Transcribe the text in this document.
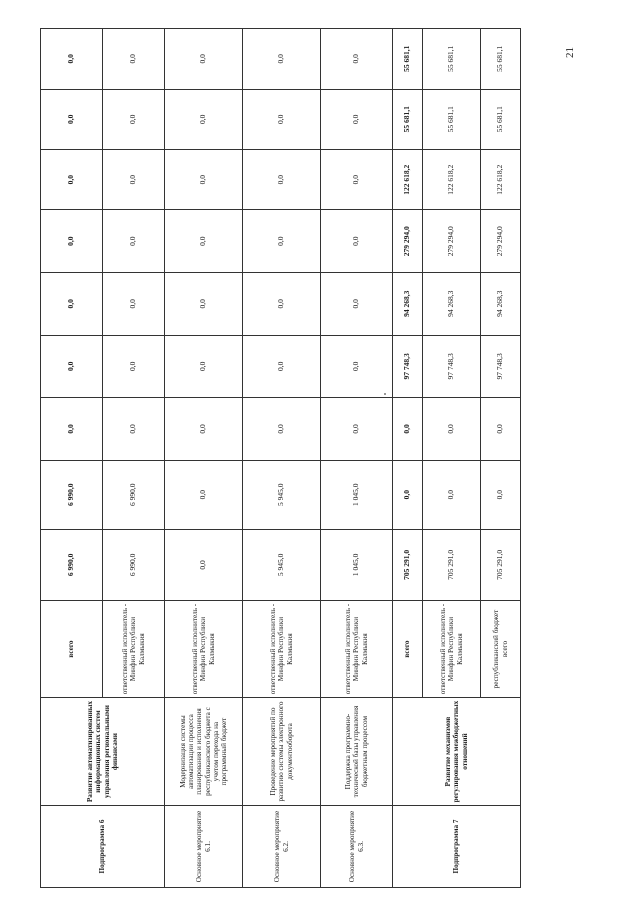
21
Подпрограмма 6	Развитие автоматизированных информационных систем управления региональными финансами	всего	6 990,0	6 990,0	0,0	0,0	0,0	0,0	0,0	0,0	0,0
		ответственный исполнитель - Минфин Республики Калмыкия	6 990,0	6 990,0	0,0	0,0	0,0	0,0	0,0	0,0	0,0
Основное мероприятие 6.1.	Модернизация системы автоматизации процесса планирования и исполнения республиканского бюджета с учетом перехода на программный бюджет	ответственный исполнитель - Минфин Республики Калмыкия	0,0	0,0	0,0	0,0	0,0	0,0	0,0	0,0	0,0
Основное мероприятие 6.2.	Проведение мероприятий по развитию системы электронного документооборота	ответственный исполнитель - Минфин Республики Калмыкия	5 945,0	5 945,0	0,0	0,0	0,0	0,0	0,0	0,0	0,0
Основное мероприятие 6.3.	Поддержка программно-технической базы управления бюджетным процессом	ответственный исполнитель - Минфин Республики Калмыкия	1 045,0	1 045,0	0,0	0,0	0,0	0,0	0,0	0,0	0,0
Подпрограмма 7	Развитие механизмов регулирования межбюджетных отношений	всего	705 291,0	0,0	0,0	97 748,3	94 268,3	279 294,0	122 618,2	55 681,1	55 681,1
		ответственный исполнитель - Минфин Республики Калмыкия	705 291,0	0,0	0,0	97 748,3	94 268,3	279 294,0	122 618,2	55 681,1	55 681,1
		республиканский бюджет всего	705 291,0	0,0	0,0	97 748,3	94 268,3	279 294,0	122 618,2	55 681,1	55 681,1
